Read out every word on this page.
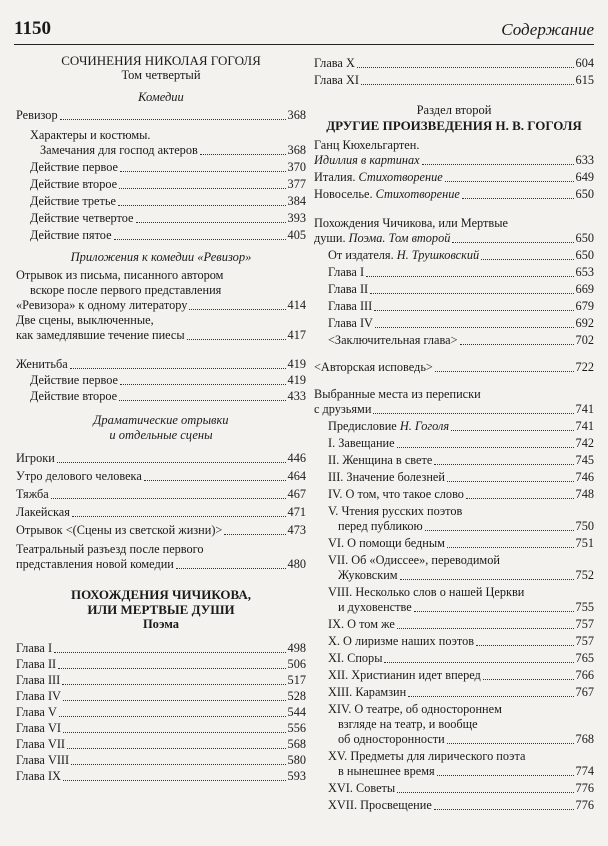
1150	Содержание
СОЧИНЕНИЯ НИКОЛАЯ ГОГОЛЯ
Том четвертый
Комедии
Ревизор	368
Характеры и костюмы.
Замечания для господ актеров	368
Действие первое	370
Действие второе	377
Действие третье	384
Действие четвертое	393
Действие пятое	405
Приложения к комедии «Ревизор»
Отрывок из письма, писанного автором
вскоре после первого представления
«Ревизора» к одному литератору	414
Две сцены, выключенные,
как замедлявшие течение пиесы	417
Женитьба	419
Действие первое	419
Действие второе	433
Драматические отрывки
и отдельные сцены
Игроки	446
Утро делового человека	464
Тяжба	467
Лакейская	471
Отрывок <(Сцены из светской жизни)>	473
Театральный разъезд после первого
представления новой комедии	480
ПОХОЖДЕНИЯ ЧИЧИКОВА,
ИЛИ МЕРТВЫЕ ДУШИ
Поэма
Глава I	498
Глава II	506
Глава III	517
Глава IV	528
Глава V	544
Глава VI	556
Глава VII	568
Глава VIII	580
Глава IX	593
Глава X	604
Глава XI	615
Раздел второй
ДРУГИЕ ПРОИЗВЕДЕНИЯ Н. В. ГОГОЛЯ
Ганц Кюхельгартен.
Идиллия в картинах	633
Италия. Стихотворение	649
Новоселье. Стихотворение	650
Похождения Чичикова, или Мертвые
души. Поэма. Том второй	650
От издателя. Н. Трушковский	650
Глава I	653
Глава II	669
Глава III	679
Глава IV	692
<Заключительная глава>	702
<Авторская исповедь>	722
Выбранные места из переписки
с друзьями	741
Предисловие Н. Гоголя	741
I. Завещание	742
II. Женщина в свете	745
III. Значение болезней	746
IV. О том, что такое слово	748
V. Чтения русских поэтов
перед публикою	750
VI. О помощи бедным	751
VII. Об «Одиссее», переводимой
Жуковским	752
VIII. Несколько слов о нашей Церкви
и духовенстве	755
IX. О том же	757
X. О лиризме наших поэтов	757
XI. Споры	765
XII. Христианин идет вперед	766
XIII. Карамзин	767
XIV. О театре, об одностороннем
взгляде на театр, и вообще
об односторонности	768
XV. Предметы для лирического поэта
в нынешнее время	774
XVI. Советы	776
XVII. Просвещение	776
